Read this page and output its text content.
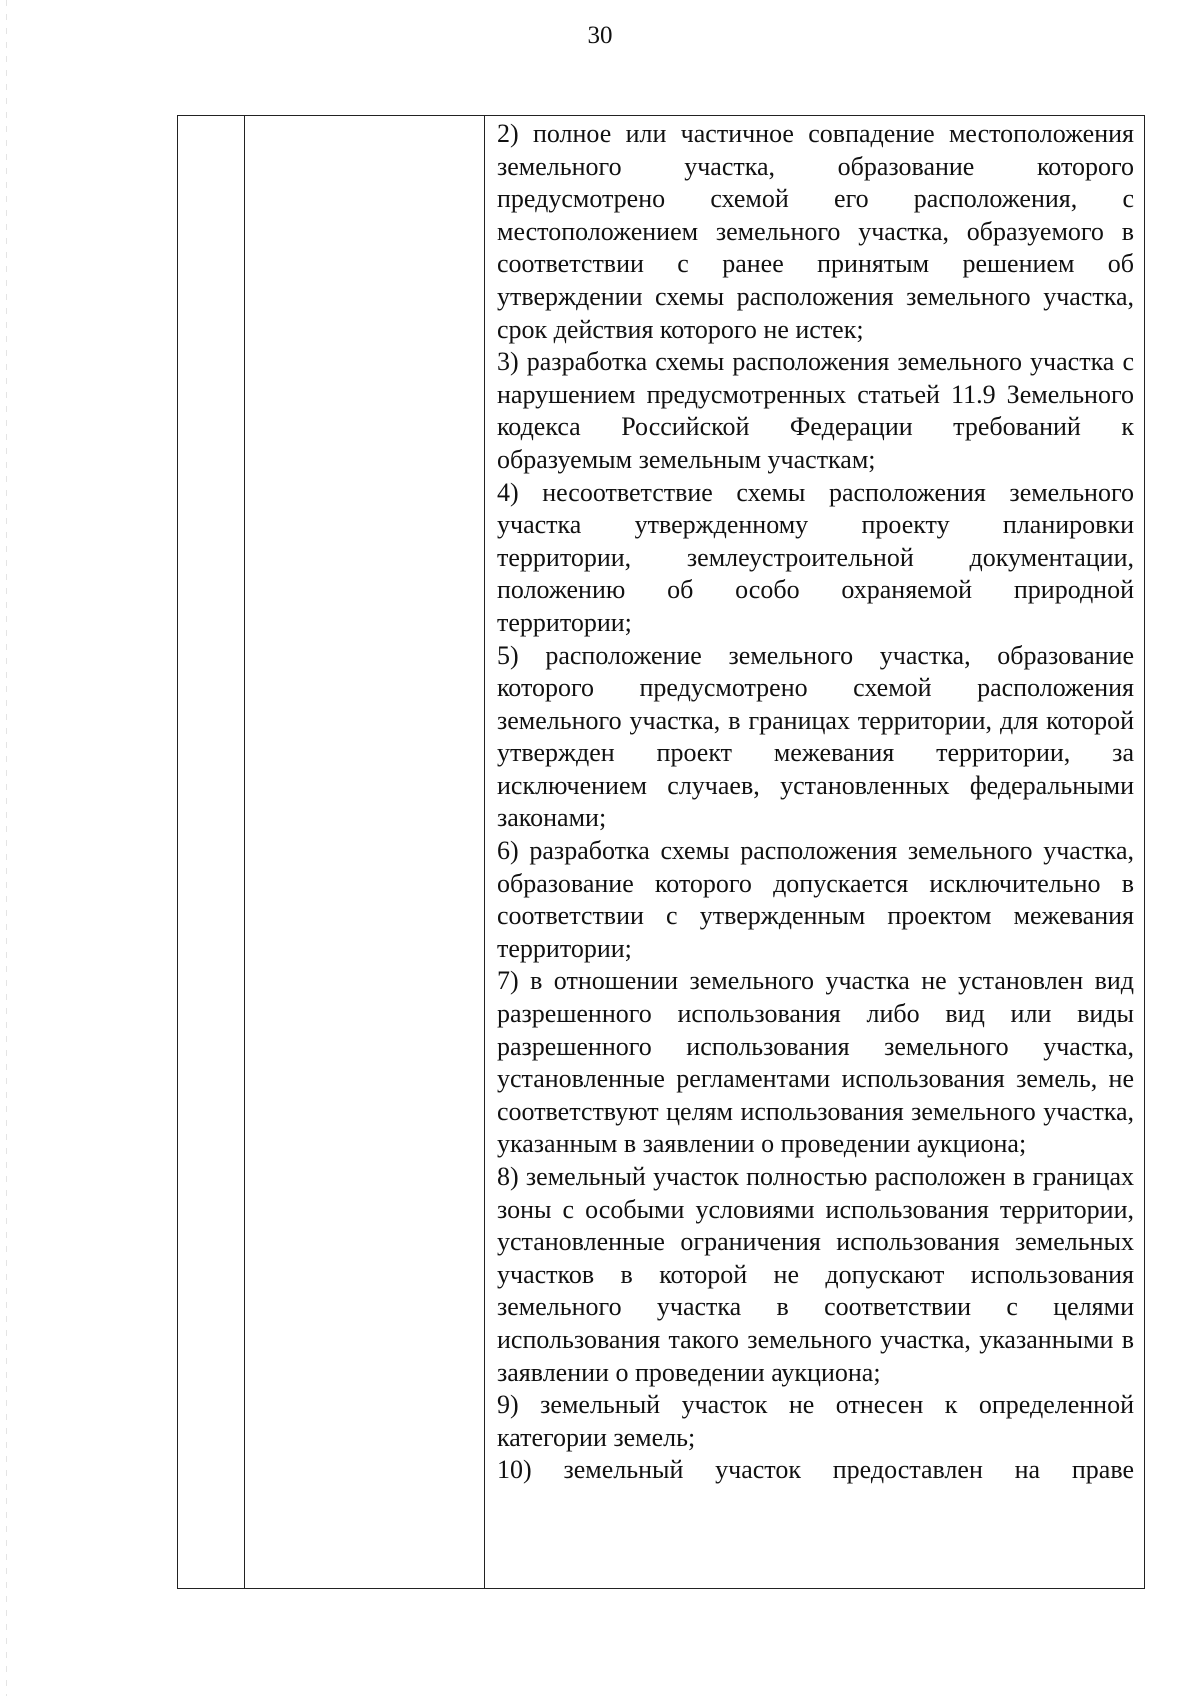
30

2) полное или частичное совпадение местоположения земельного участка, образование которого предусмотрено схемой его расположения, с местоположением земельного участка, образуемого в соответствии с ранее принятым решением об утверждении схемы расположения земельного участка, срок действия которого не истек;

3) разработка схемы расположения земельного участка с нарушением предусмотренных статьей 11.9 Земельного кодекса Российской Федерации требований к образуемым земельным участкам;

4) несоответствие схемы расположения земельного участка утвержденному проекту планировки территории, землеустроительной документации, положению об особо охраняемой природной территории;

5) расположение земельного участка, образование которого предусмотрено схемой расположения земельного участка, в границах территории, для которой утвержден проект межевания территории, за исключением случаев, установленных федеральными законами;

6) разработка схемы расположения земельного участка, образование которого допускается исключительно в соответствии с утвержденным проектом межевания территории;

7) в отношении земельного участка не установлен вид разрешенного использования либо вид или виды разрешенного использования земельного участка, установленные регламентами использования земель, не соответствуют целям использования земельного участка, указанным в заявлении о проведении аукциона;

8) земельный участок полностью расположен в границах зоны с особыми условиями использования территории, установленные ограничения использования земельных участков в которой не допускают использования земельного участка в соответствии с целями использования такого земельного участка, указанными в заявлении о проведении аукциона;

9) земельный участок не отнесен к определенной категории земель;

10) земельный участок предоставлен на праве
